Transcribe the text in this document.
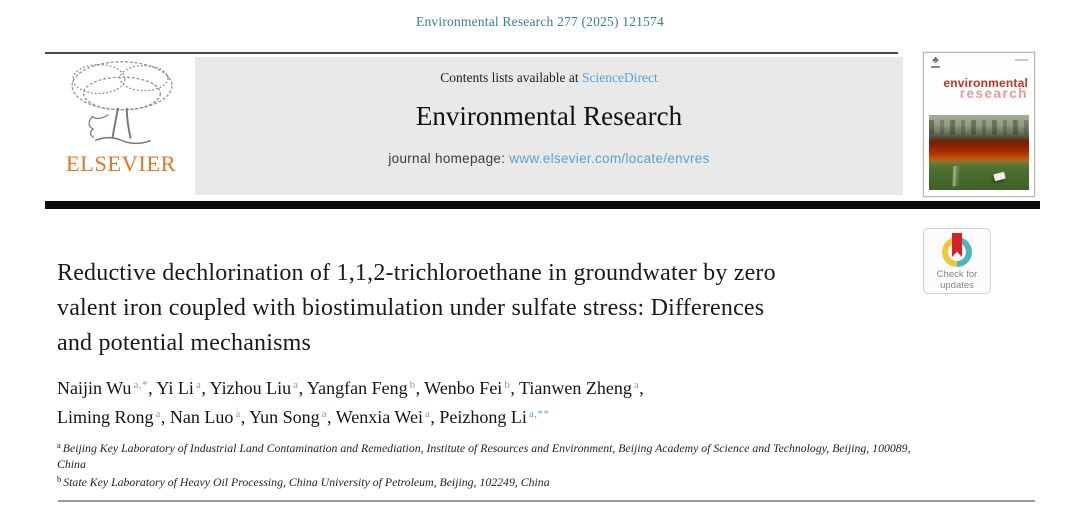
Environmental Research 277 (2025) 121574
ELSEVIER
Contents lists available at ScienceDirect
Environmental Research
journal homepage: www.elsevier.com/locate/envres
♣
environmental
research
Check for
updates
Reductive dechlorination of 1,1,2-trichloroethane in groundwater by zero
valent iron coupled with biostimulation under sulfate stress: Differences
and potential mechanisms
Naijin Wu $^{a,*}$, Yi Li $^a$, Yizhou Liu $^a$, Yangfan Feng $^b$, Wenbo Fei $^b$, Tianwen Zheng $^a$,
Liming Rong $^a$, Nan Luo $^a$, Yun Song $^a$, Wenxia Wei $^a$, Peizhong Li $^{a,**}$
$^a$ Beijing Key Laboratory of Industrial Land Contamination and Remediation, Institute of Resources and Environment, Beijing Academy of Science and Technology, Beijing, 100089, China
$^b$ State Key Laboratory of Heavy Oil Processing, China University of Petroleum, Beijing, 102249, China
